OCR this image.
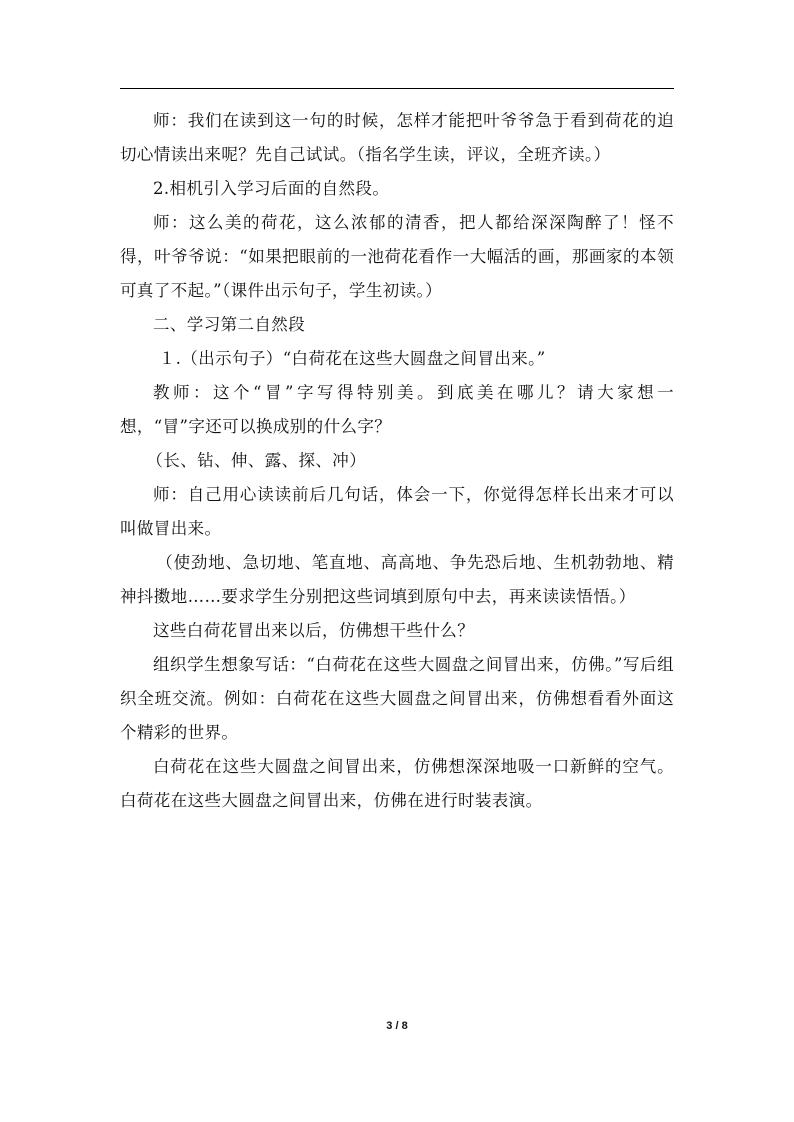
师：我们在读到这一句的时候，怎样才能把叶爷爷急于看到荷花的迫切心情读出来呢？先自己试试。（指名学生读，评议，全班齐读。）

2.相机引入学习后面的自然段。

师：这么美的荷花，这么浓郁的清香，把人都给深深陶醉了！怪不得，叶爷爷说：“如果把眼前的一池荷花看作一大幅活的画，那画家的本领可真了不起。”（课件出示句子，学生初读。）

二、学习第二自然段

１.（出示句子）“白荷花在这些大圆盘之间冒出来。”

教师：这个“冒”字写得特别美。到底美在哪儿？请大家想一想，“冒”字还可以换成别的什么字？

（长、钻、伸、露、探、冲）

师：自己用心读读前后几句话，体会一下，你觉得怎样长出来才可以叫做冒出来。

（使劲地、急切地、笔直地、高高地、争先恐后地、生机勃勃地、精神抖擞地……要求学生分别把这些词填到原句中去，再来读读悟悟。）

这些白荷花冒出来以后，仿佛想干些什么？

组织学生想象写话：“白荷花在这些大圆盘之间冒出来，仿佛。”写后组织全班交流。例如：白荷花在这些大圆盘之间冒出来，仿佛想看看外面这个精彩的世界。

白荷花在这些大圆盘之间冒出来，仿佛想深深地吸一口新鲜的空气。白荷花在这些大圆盘之间冒出来，仿佛在进行时装表演。

3 / 8
